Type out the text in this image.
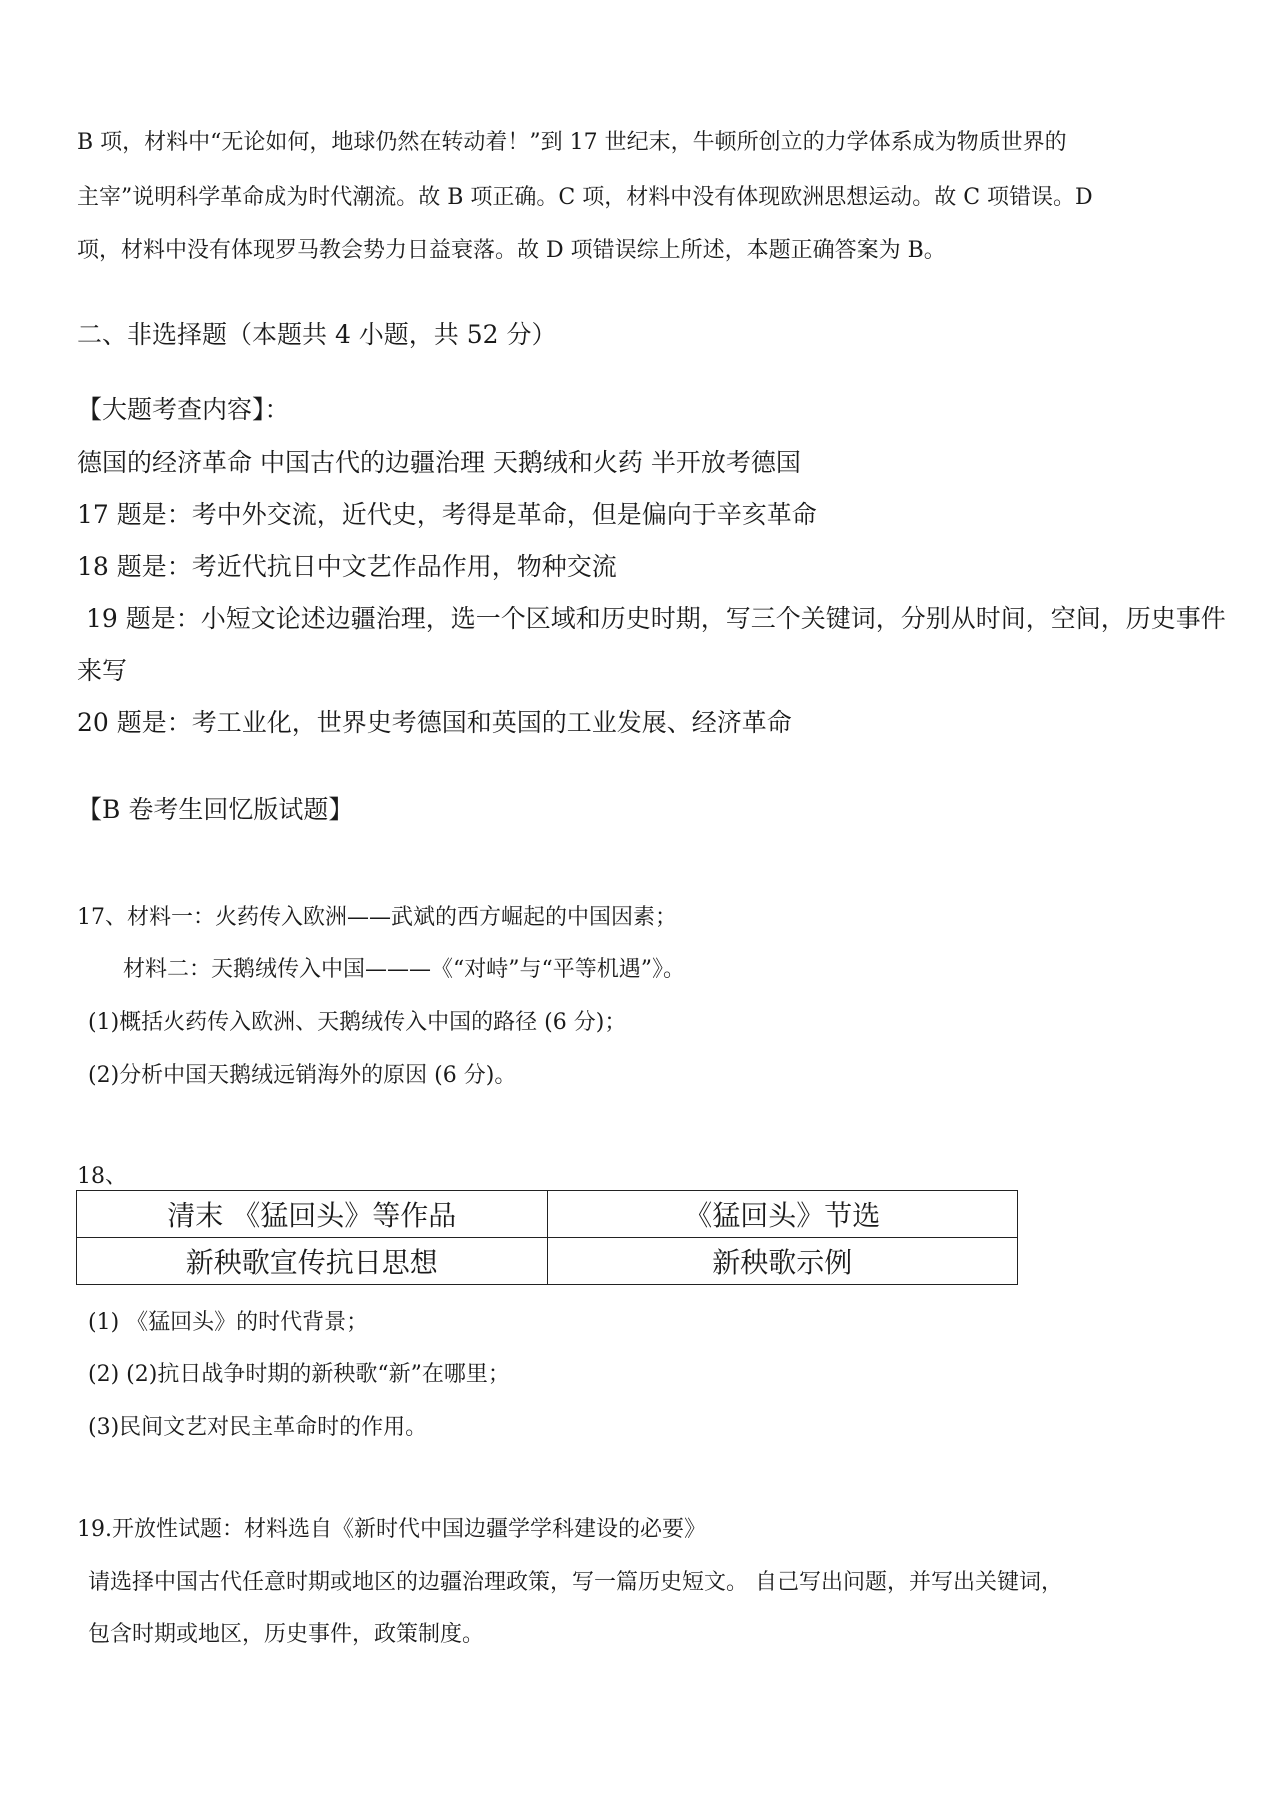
B 项，材料中“无论如何，地球仍然在转动着！”到 17 世纪末，牛顿所创立的力学体系成为物质世界的
主宰”说明科学革命成为时代潮流。故 B 项正确。C 项，材料中没有体现欧洲思想运动。故 C 项错误。D
项，材料中没有体现罗马教会势力日益衰落。故 D 项错误综上所述，本题正确答案为 B。
二、非选择题（本题共 4 小题，共 52 分）
【大题考查内容】：
德国的经济革命 中国古代的边疆治理 天鹅绒和火药 半开放考德国
17 题是：考中外交流，近代史，考得是革命，但是偏向于辛亥革命
18 题是：考近代抗日中文艺作品作用，物种交流
19 题是：小短文论述边疆治理，选一个区域和历史时期，写三个关键词，分别从时间，空间，历史事件
来写
20 题是：考工业化，世界史考德国和英国的工业发展、经济革命
【B 卷考生回忆版试题】
17、材料一：火药传入欧洲——武斌的西方崛起的中国因素；
材料二：天鹅绒传入中国———《“对峙”与“平等机遇”》。
(1)概括火药传入欧洲、天鹅绒传入中国的路径 (6 分)；
(2)分析中国天鹅绒远销海外的原因 (6 分)。
18、
清末 《猛回头》等作品	《猛回头》节选
新秧歌宣传抗日思想	新秧歌示例
(1) 《猛回头》的时代背景；
(2) (2)抗日战争时期的新秧歌“新”在哪里；
(3)民间文艺对民主革命时的作用。
19.开放性试题：材料选自《新时代中国边疆学学科建设的必要》
请选择中国古代任意时期或地区的边疆治理政策，写一篇历史短文。 自己写出问题，并写出关键词，
包含时期或地区，历史事件，政策制度。
